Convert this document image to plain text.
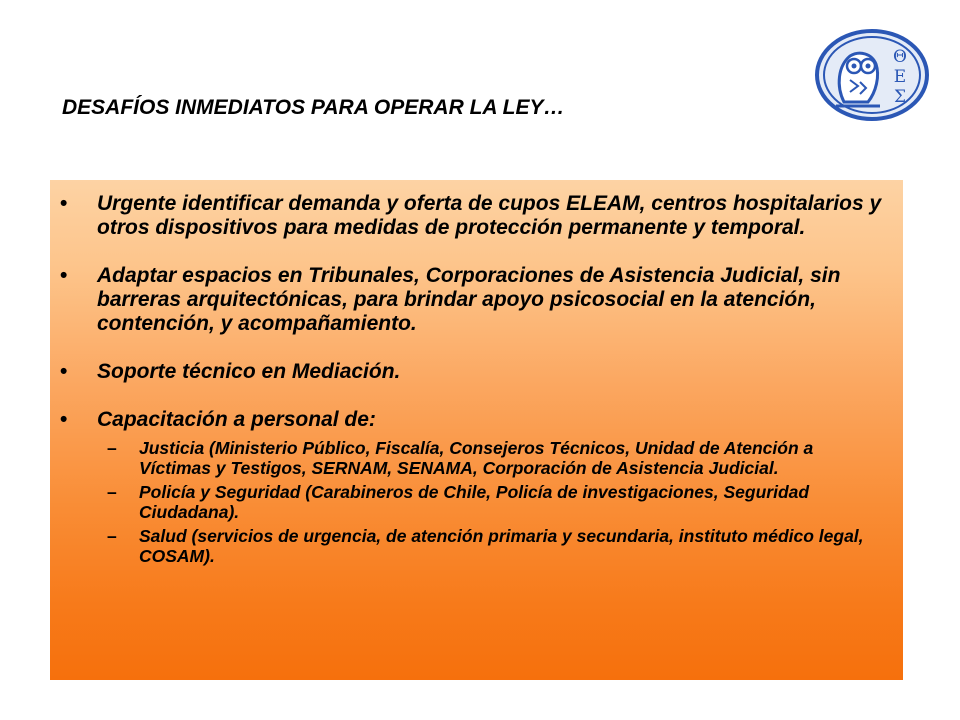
DESAFÍOS INMEDIATOS PARA OPERAR LA LEY…
Θ
Ε
Σ
• Urgente identificar demanda y oferta de cupos ELEAM, centros hospitalarios y otros dispositivos para medidas de protección permanente y temporal.
• Adaptar espacios en Tribunales, Corporaciones de Asistencia Judicial, sin barreras arquitectónicas, para brindar apoyo psicosocial en la atención, contención, y acompañamiento.
• Soporte técnico en Mediación.
• Capacitación a personal de:
– Justicia (Ministerio Público, Fiscalía, Consejeros Técnicos, Unidad de Atención a Víctimas y Testigos, SERNAM, SENAMA, Corporación de Asistencia Judicial.
– Policía y Seguridad (Carabineros de Chile, Policía de investigaciones, Seguridad Ciudadana).
– Salud (servicios de urgencia, de atención primaria y secundaria, instituto médico legal, COSAM).
